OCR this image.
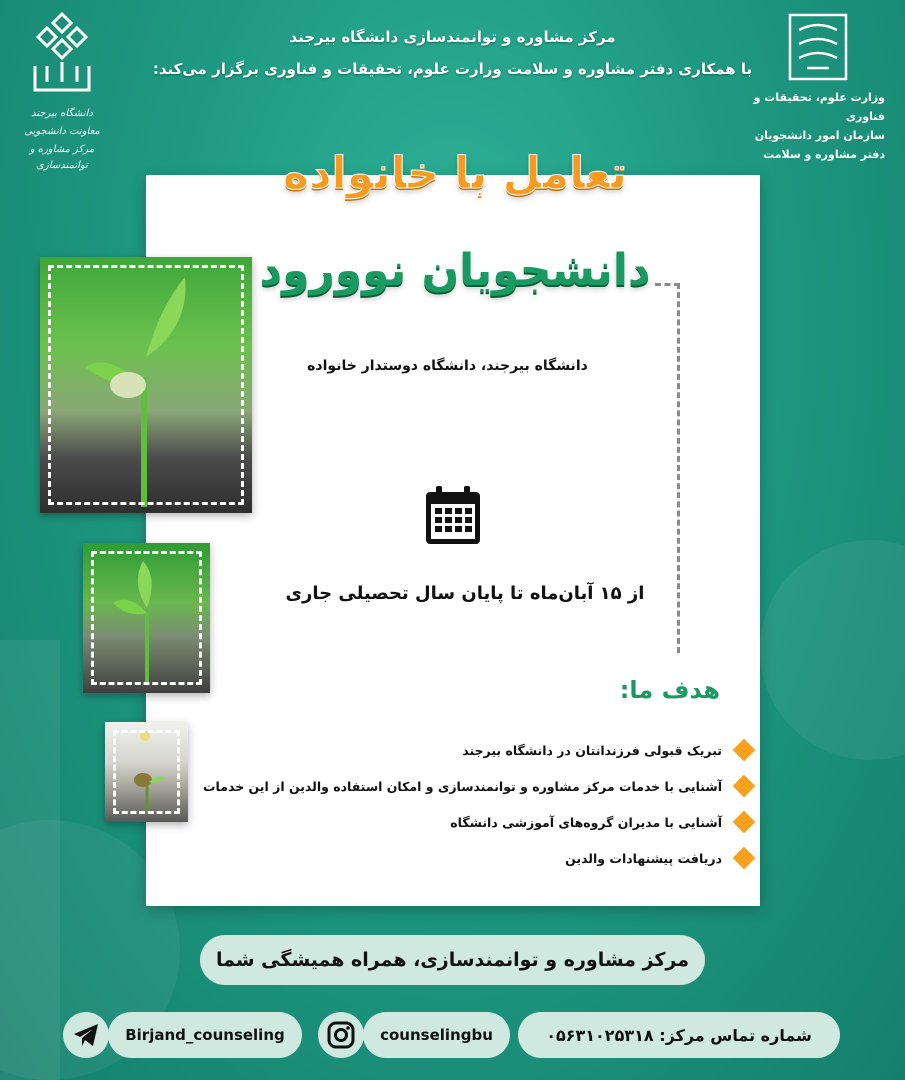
مرکز مشاوره و توانمندسازی دانشگاه بیرجند
با همکاری دفتر مشاوره و سلامت وزارت علوم، تحقیقات و فناوری برگزار می‌کند:
دانشگاه بیرجند
معاونت دانشجویی
مرکز مشاوره و توانمندسازی
وزارت علوم، تحقیقات و فناوری
سازمان امور دانشجویان
دفتر مشاوره و سلامت
تعامل با خانواده
دانشجویان نوورود
دانشگاه بیرجند، دانشگاه دوستدار خانواده
از ۱۵ آبان‌ماه تا پایان سال تحصیلی جاری
هدف ما:
تبریک قبولی فرزندانتان در دانشگاه بیرجند
آشنایی با خدمات مرکز مشاوره و توانمندسازی و امکان استفاده والدین از این خدمات
آشنایی با مدیران گروه‌های آموزشی دانشگاه
دریافت پیشنهادات والدین
مرکز مشاوره و توانمندسازی، همراه همیشگی شما
شماره تماس مرکز: ۰۵۶۳۱۰۲۵۳۱۸
counselingbu
Birjand_counseling
